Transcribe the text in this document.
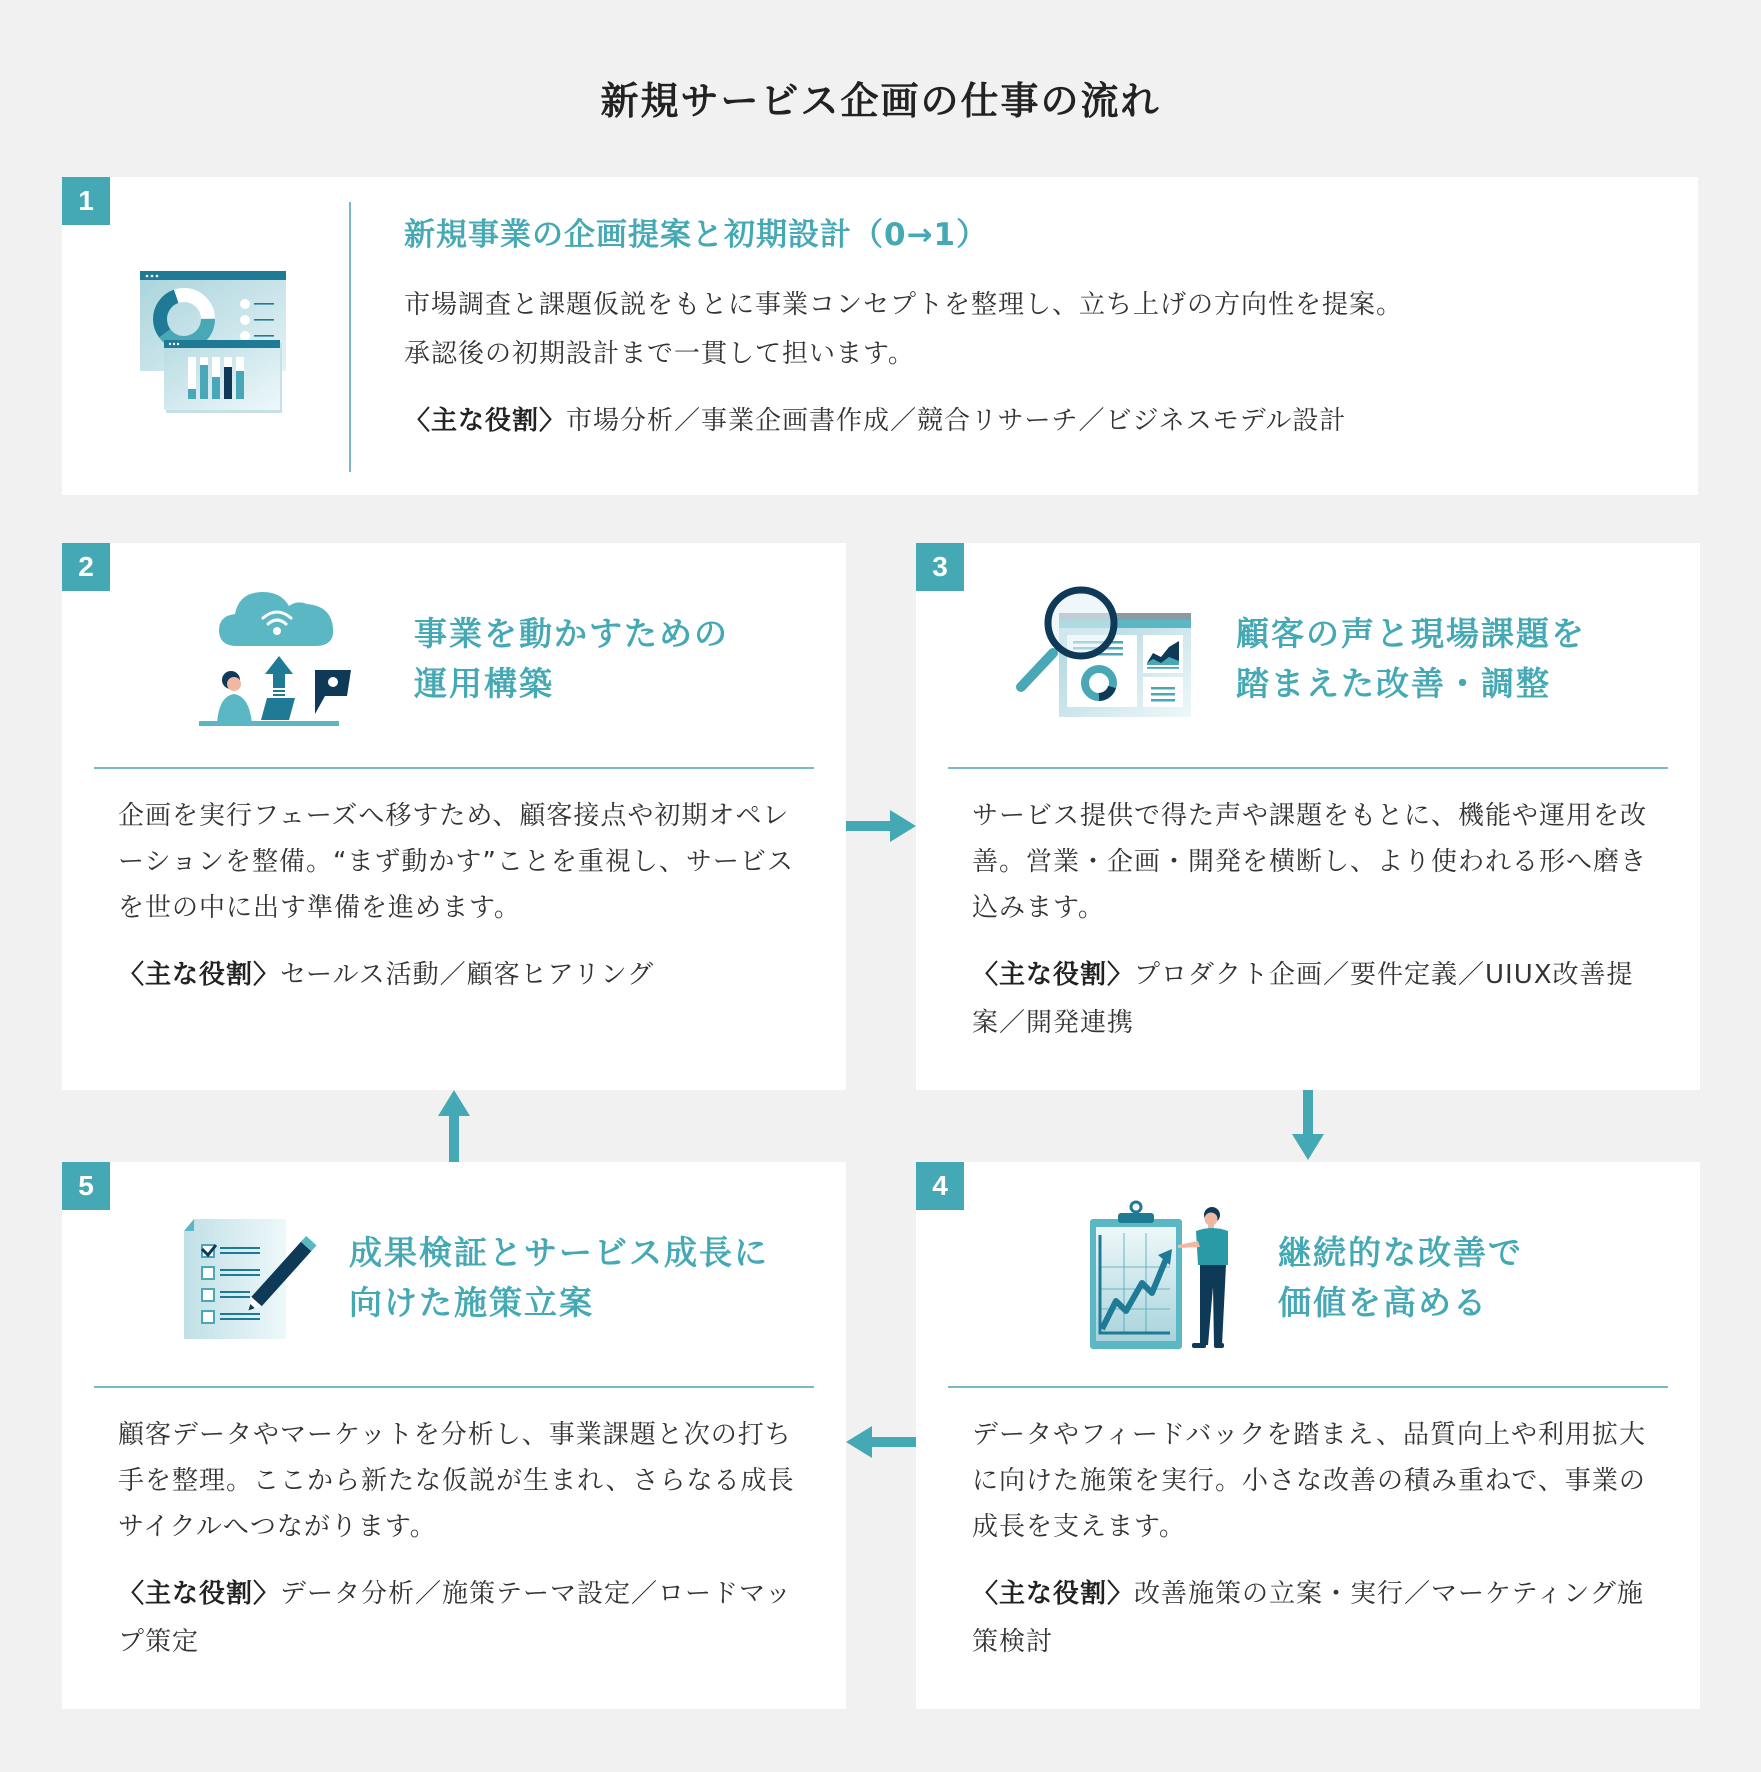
新規サービス企画の仕事の流れ
1
新規事業の企画提案と初期設計（0→1）

市場調査と課題仮説をもとに事業コンセプトを整理し、立ち上げの方向性を提案。

承認後の初期設計まで一貫して担います。

〈主な役割〉市場分析／事業企画書作成／競合リサーチ／ビジネスモデル設計

2
事業を動かすための
運用構築

企画を実行フェーズへ移すため、顧客接点や初期オペレーションを整備。“まず動かす”ことを重視し、サービスを世の中に出す準備を進めます。

〈主な役割〉セールス活動／顧客ヒアリング

3
顧客の声と現場課題を
踏まえた改善・調整

サービス提供で得た声や課題をもとに、機能や運用を改善。営業・企画・開発を横断し、より使われる形へ磨き込みます。

〈主な役割〉プロダクト企画／要件定義／UIUX改善提案／開発連携

5
成果検証とサービス成長に
向けた施策立案

顧客データやマーケットを分析し、事業課題と次の打ち手を整理。ここから新たな仮説が生まれ、さらなる成長サイクルへつながります。

〈主な役割〉データ分析／施策テーマ設定／ロードマップ策定

4
継続的な改善で
価値を高める

データやフィードバックを踏まえ、品質向上や利用拡大に向けた施策を実行。小さな改善の積み重ねで、事業の成長を支えます。

〈主な役割〉改善施策の立案・実行／マーケティング施策検討
